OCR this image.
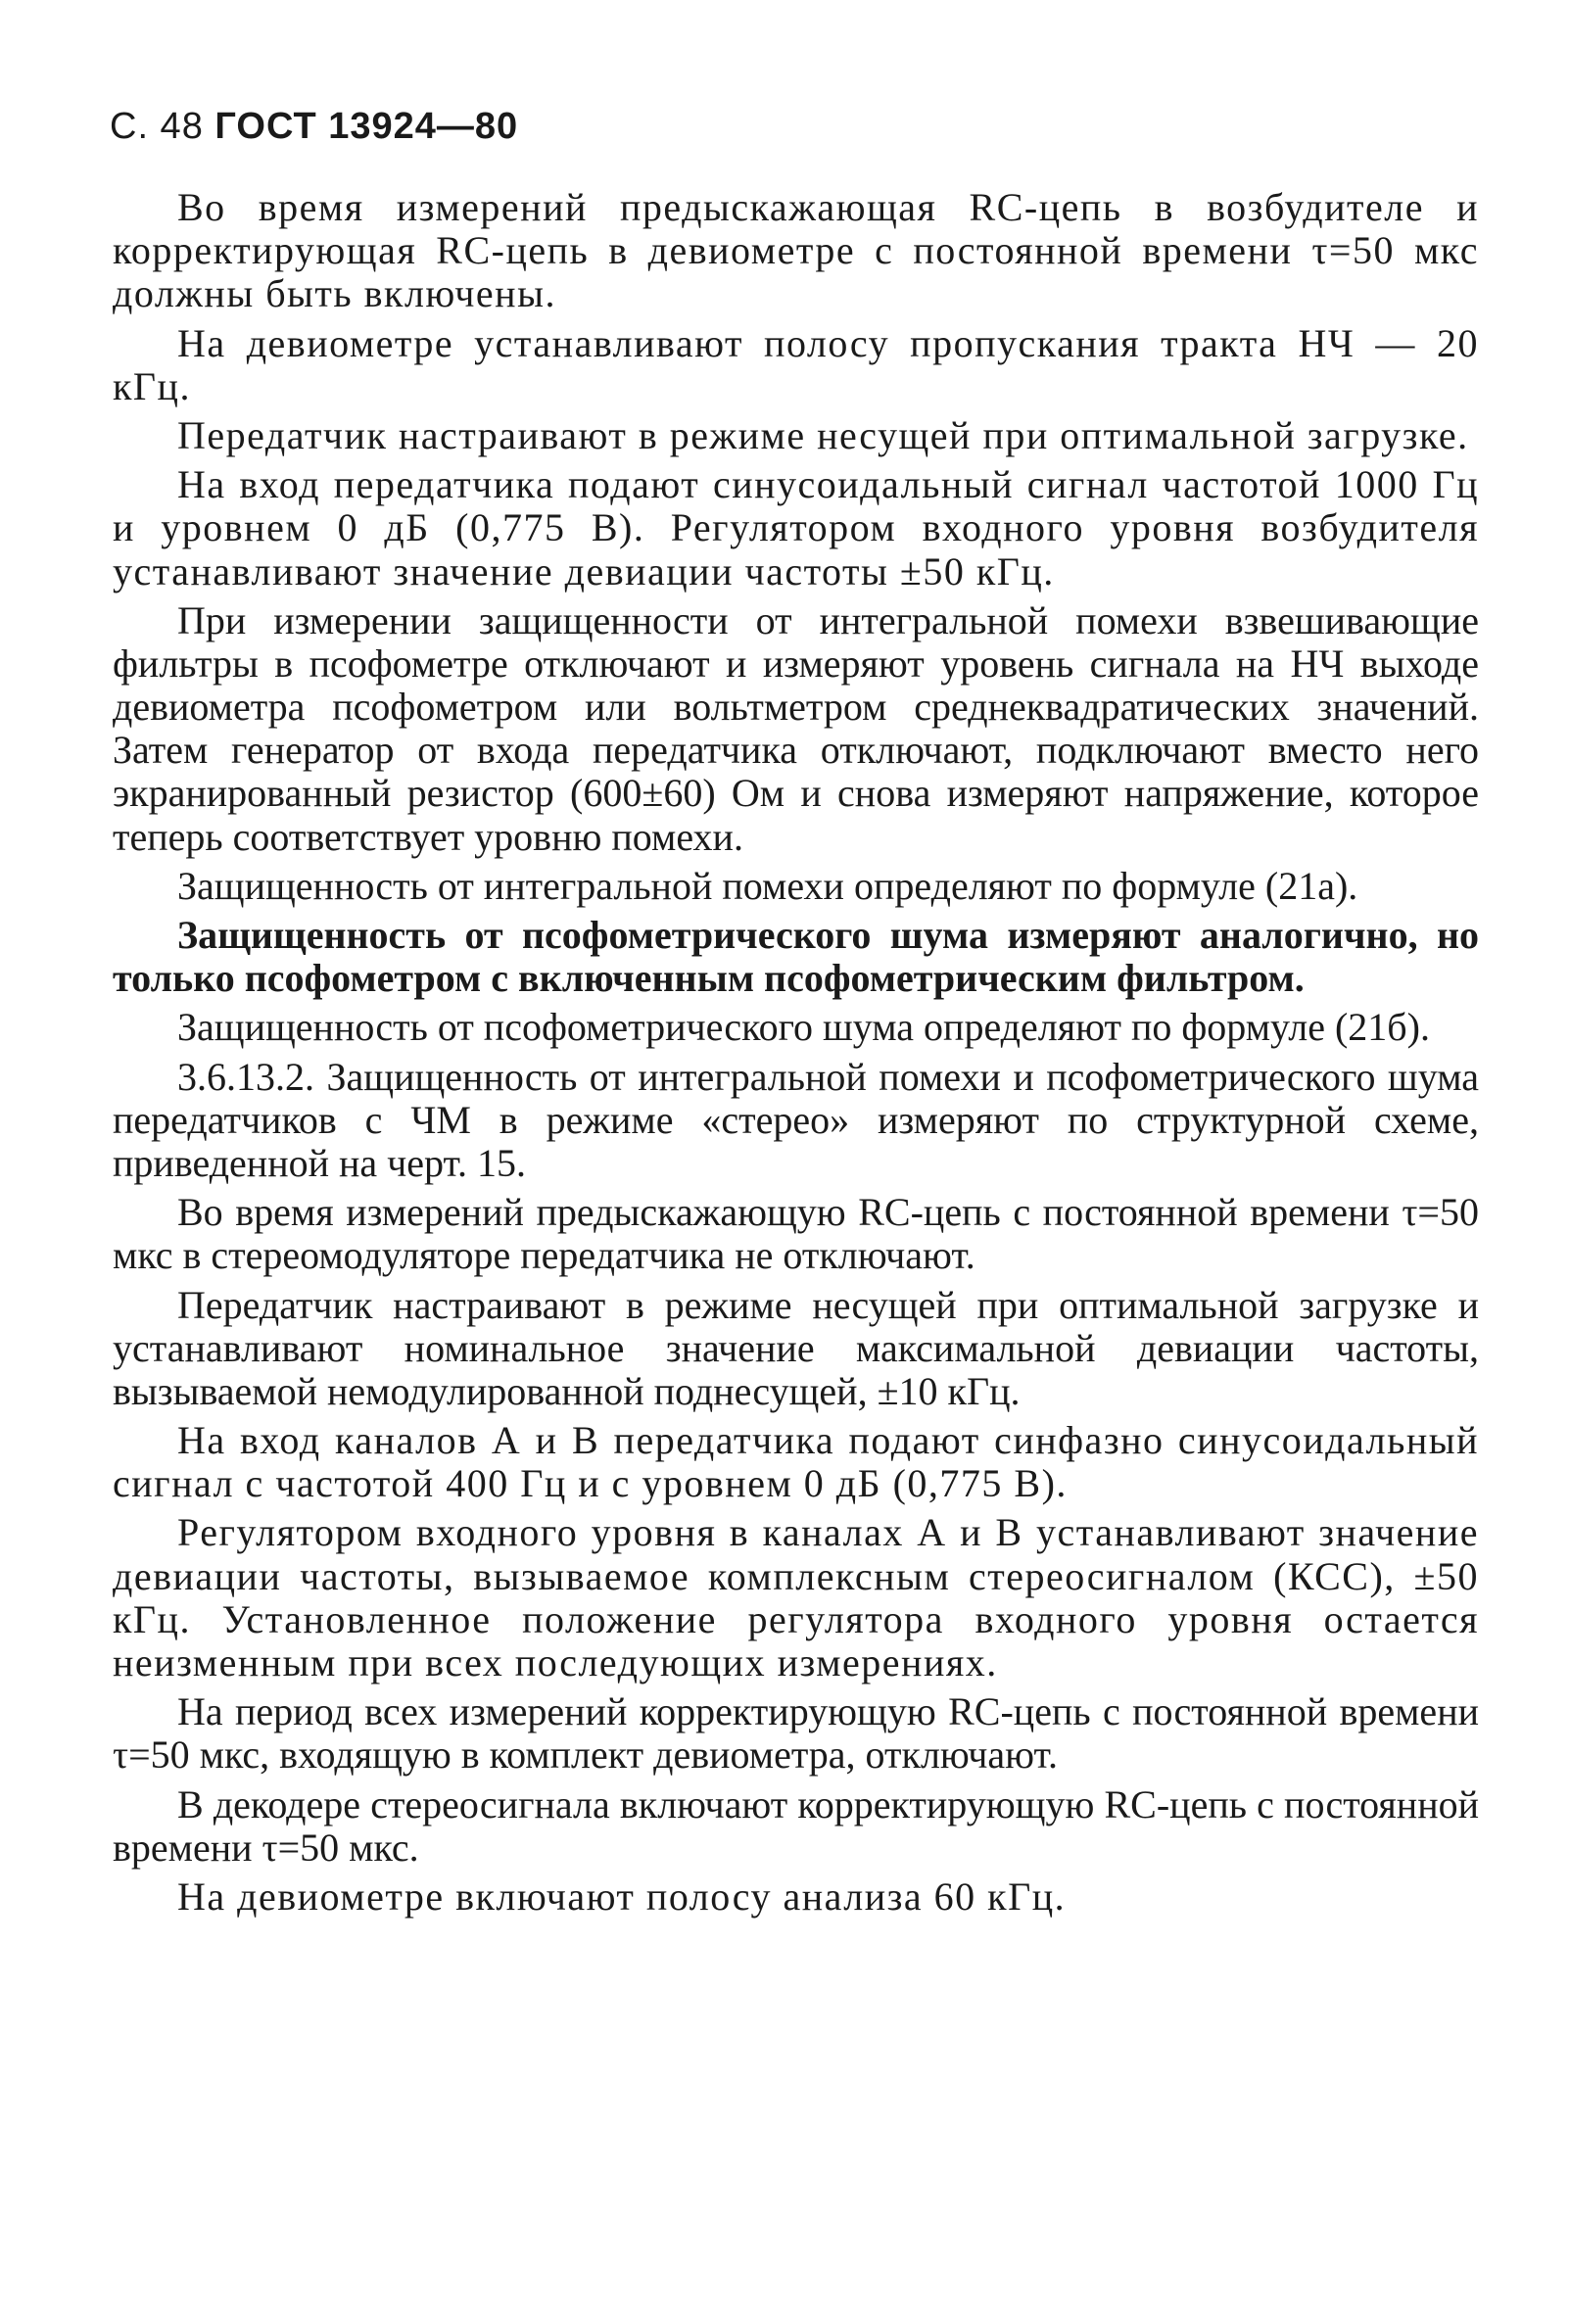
С. 48 ГОСТ 13924—80

Во время измерений предыскажающая RC-цепь в возбудителе и корректирующая RC-цепь в девиометре с постоянной времени τ=50 мкс должны быть включены.

На девиометре устанавливают полосу пропускания тракта НЧ — 20 кГц.

Передатчик настраивают в режиме несущей при оптимальной загрузке.

На вход передатчика подают синусоидальный сигнал частотой 1000 Гц и уровнем 0 дБ (0,775 В). Регулятором входного уровня возбудителя устанавливают значение девиации частоты ±50 кГц.

При измерении защищенности от интегральной помехи взвешивающие фильтры в псофометре отключают и измеряют уровень сигнала на НЧ выходе девиометра псофометром или вольтметром среднеквадратических значений. Затем генератор от входа передатчика отключают, подключают вместо него экранированный резистор (600±60) Ом и снова измеряют напряжение, которое теперь соответствует уровню помехи.

Защищенность от интегральной помехи определяют по формуле (21а).

Защищенность от псофометрического шума измеряют аналогично, но только псофометром с включенным псофометрическим фильтром.

Защищенность от псофометрического шума определяют по формуле (21б).

3.6.13.2. Защищенность от интегральной помехи и псофометрического шума передатчиков с ЧМ в режиме «стерео» измеряют по структурной схеме, приведенной на черт. 15.

Во время измерений предыскажающую RC-цепь с постоянной времени τ=50 мкс в стереомодуляторе передатчика не отключают.

Передатчик настраивают в режиме несущей при оптимальной загрузке и устанавливают номинальное значение максимальной девиации частоты, вызываемой немодулированной поднесущей, ±10 кГц.

На вход каналов А и В передатчика подают синфазно синусоидальный сигнал с частотой 400 Гц и с уровнем 0 дБ (0,775 В).

Регулятором входного уровня в каналах А и В устанавливают значение девиации частоты, вызываемое комплексным стереосигналом (КСС), ±50 кГц. Установленное положение регулятора входного уровня остается неизменным при всех последующих измерениях.

На период всех измерений корректирующую RC-цепь с постоянной времени τ=50 мкс, входящую в комплект девиометра, отключают.

В декодере стереосигнала включают корректирующую RC-цепь с постоянной времени τ=50 мкс.

На девиометре включают полосу анализа 60 кГц.
